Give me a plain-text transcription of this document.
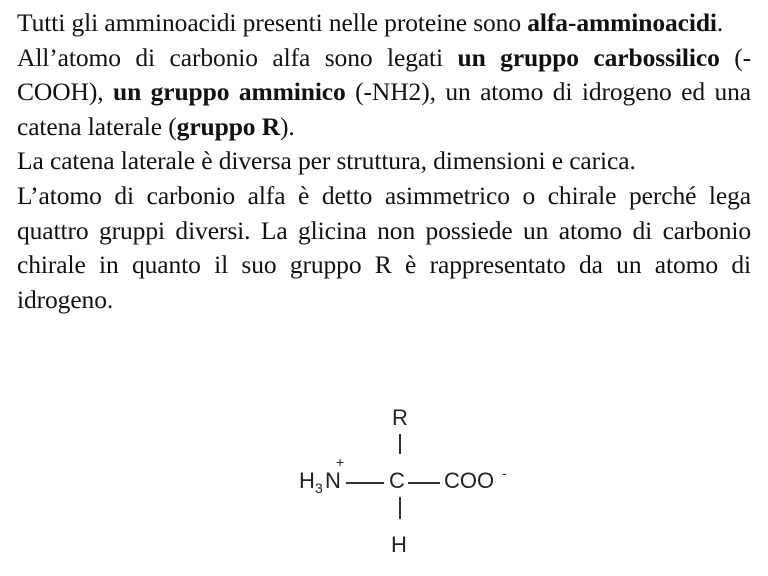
Tutti gli amminoacidi presenti nelle proteine sono alfa-amminoacidi.

All’atomo di carbonio alfa sono legati un gruppo carbossilico (-COOH), un gruppo amminico (-NH2), un atomo di idrogeno ed una catena laterale (gruppo R).

La catena laterale è diversa per struttura, dimensioni e carica.

L’atomo di carbonio alfa è detto asimmetrico o chirale perché lega quattro gruppi diversi. La glicina non possiede un atomo di carbonio chirale in quanto il suo gruppo R è rappresentato da un atomo di idrogeno.

R
H 3 N
+
C COO -
H
